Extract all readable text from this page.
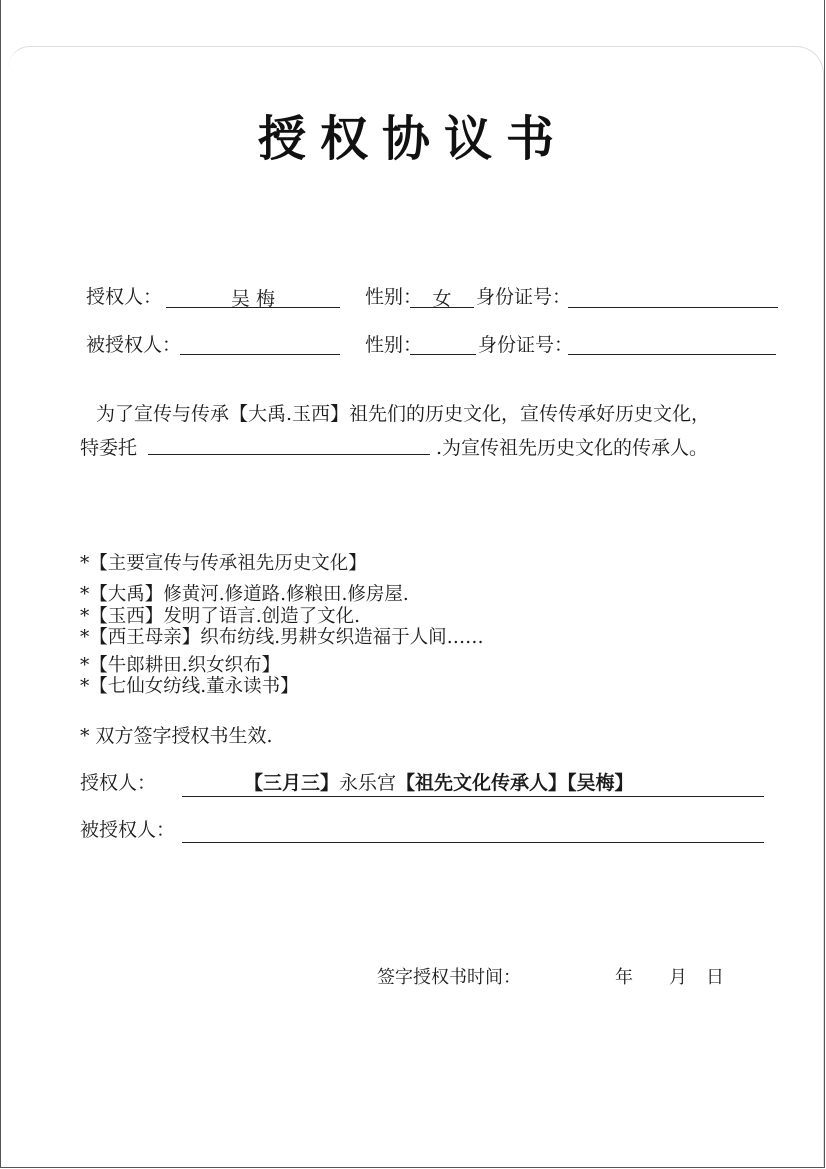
授权协议书
授权人：	吴 梅	性别： 女	身份证号：
被授权人：	性别：	身份证号：
为了宣传与传承【大禹.玉西】祖先们的历史文化，宣传传承好历史文化，
特委托	.为宣传祖先历史文化的传承人。
*【主要宣传与传承祖先历史文化】
*【大禹】修黄河.修道路.修粮田.修房屋.
*【玉西】发明了语言.创造了文化.
*【西王母亲】织布纺线.男耕女织造福于人间……
*【牛郎耕田.织女织布】
*【七仙女纺线.董永读书】
* 双方签字授权书生效.
授权人：	【三月三】永乐宫【祖先文化传承人】【吴梅】
被授权人：
签字授权书时间：	年 月 日
